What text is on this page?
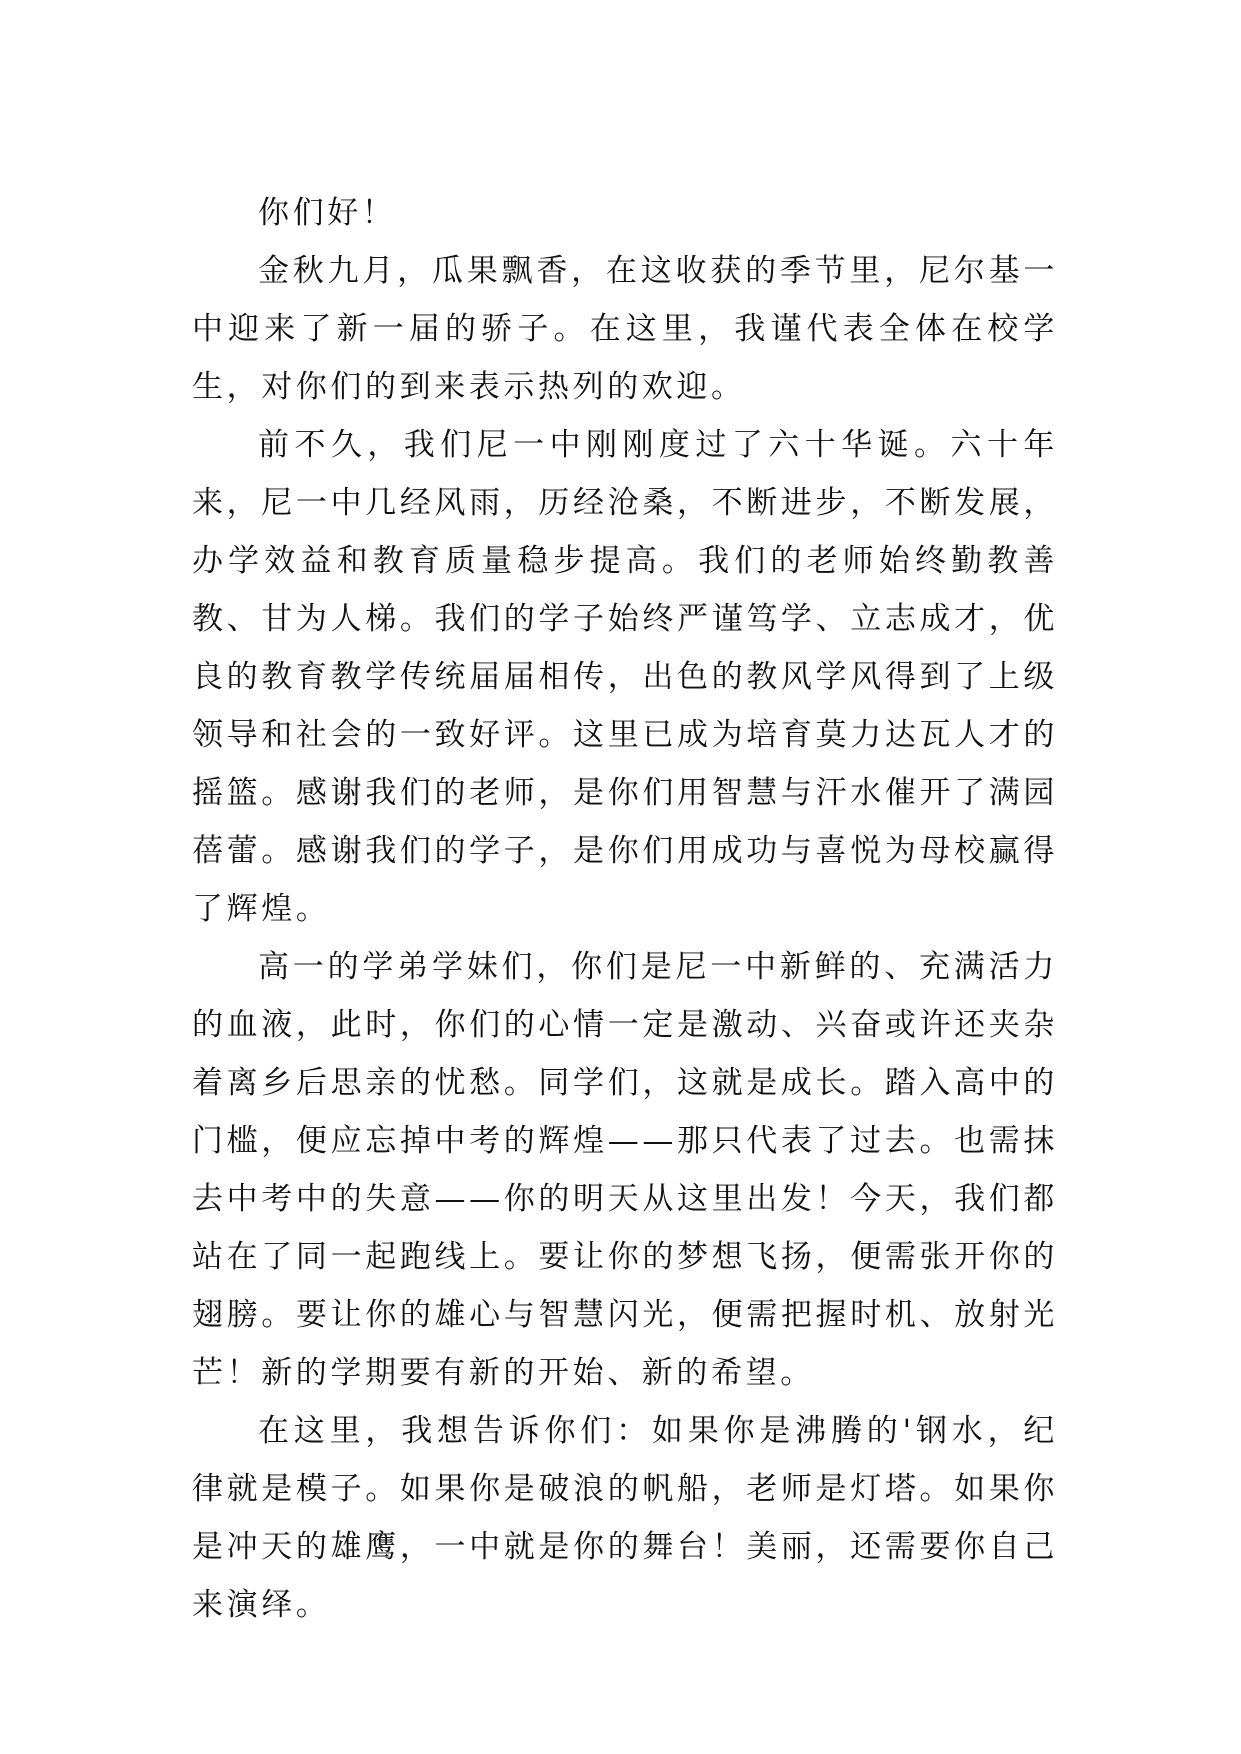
你们好！

金秋九月，瓜果飘香，在这收获的季节里，尼尔基一中迎来了新一届的骄子。在这里，我谨代表全体在校学生，对你们的到来表示热列的欢迎。

前不久，我们尼一中刚刚度过了六十华诞。六十年来，尼一中几经风雨，历经沧桑，不断进步，不断发展，办学效益和教育质量稳步提高。我们的老师始终勤教善教、甘为人梯。我们的学子始终严谨笃学、立志成才，优良的教育教学传统届届相传，出色的教风学风得到了上级领导和社会的一致好评。这里已成为培育莫力达瓦人才的摇篮。感谢我们的老师，是你们用智慧与汗水催开了满园蓓蕾。感谢我们的学子，是你们用成功与喜悦为母校赢得了辉煌。

高一的学弟学妹们，你们是尼一中新鲜的、充满活力的血液，此时，你们的心情一定是激动、兴奋或许还夹杂着离乡后思亲的忧愁。同学们，这就是成长。踏入高中的门槛，便应忘掉中考的辉煌——那只代表了过去。也需抹去中考中的失意——你的明天从这里出发！今天，我们都站在了同一起跑线上。要让你的梦想飞扬，便需张开你的翅膀。要让你的雄心与智慧闪光，便需把握时机、放射光芒！新的学期要有新的开始、新的希望。

在这里，我想告诉你们：如果你是沸腾的'钢水，纪律就是模子。如果你是破浪的帆船，老师是灯塔。如果你是冲天的雄鹰，一中就是你的舞台！美丽，还需要你自己来演绎。
